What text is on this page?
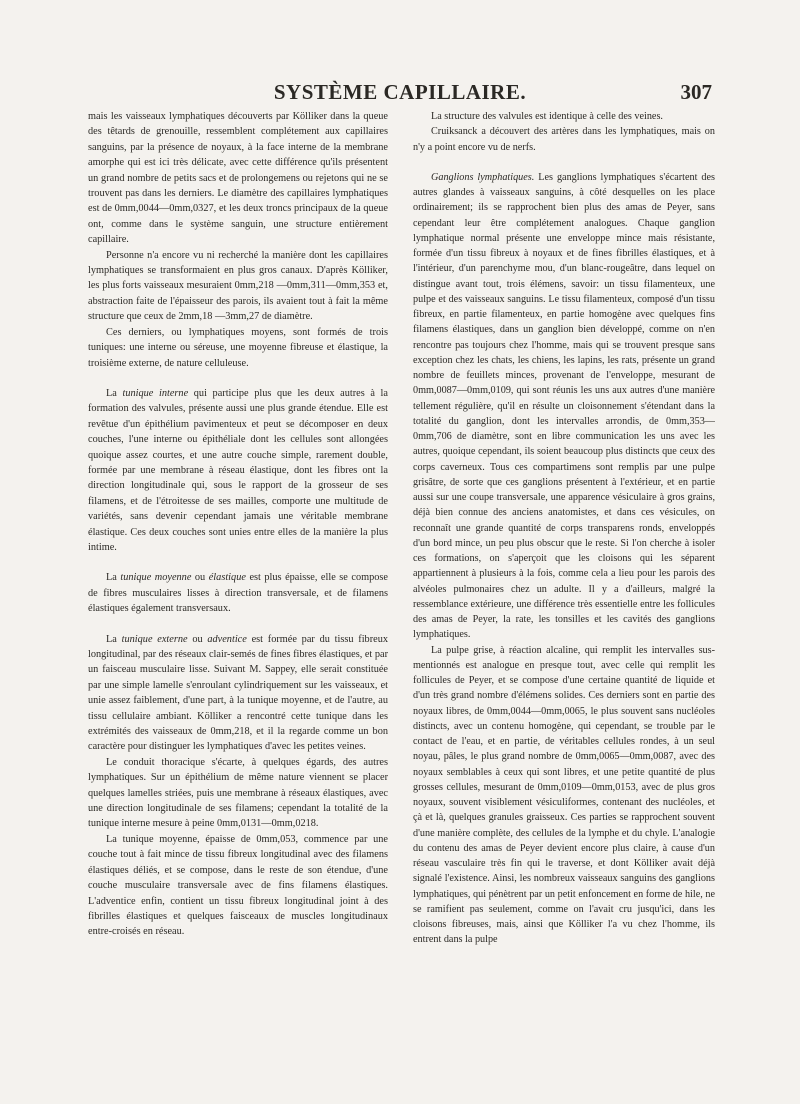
SYSTÈME CAPILLAIRE.	307

mais les vaisseaux lymphatiques découverts par Kölliker dans la queue des têtards de grenouille, ressemblent complétement aux capillaires sanguins, par la présence de noyaux, à la face interne de la membrane amorphe qui est ici très délicate, avec cette différence qu'ils présentent un grand nombre de petits sacs et de prolongemens ou rejetons qui ne se trouvent pas dans les derniers. Le diamètre des capillaires lymphatiques est de 0mm,0044—0mm,0327, et les deux troncs principaux de la queue ont, comme dans le système sanguin, une structure entièrement capillaire.

Personne n'a encore vu ni recherché la manière dont les capillaires lymphatiques se transformaient en plus gros canaux. D'après Kölliker, les plus forts vaisseaux mesuraient 0mm,218 —0mm,311—0mm,353 et, abstraction faite de l'épaisseur des parois, ils avaient tout à fait la même structure que ceux de 2mm,18 —3mm,27 de diamètre.

Ces derniers, ou lymphatiques moyens, sont formés de trois tuniques: une interne ou séreuse, une moyenne fibreuse et élastique, la troisième externe, de nature celluleuse.

La tunique interne qui participe plus que les deux autres à la formation des valvules, présente aussi une plus grande étendue. Elle est revêtue d'un épithélium pavimenteux et peut se décomposer en deux couches, l'une interne ou épithéliale dont les cellules sont allongées quoique assez courtes, et une autre couche simple, rarement double, formée par une membrane à réseau élastique, dont les fibres ont la direction longitudinale qui, sous le rapport de la grosseur de ses filamens, et de l'étroitesse de ses mailles, comporte une multitude de variétés, sans devenir cependant jamais une véritable membrane élastique. Ces deux couches sont unies entre elles de la manière la plus intime.

La tunique moyenne ou élastique est plus épaisse, elle se compose de fibres musculaires lisses à direction transversale, et de filamens élastiques également transversaux.

La tunique externe ou adventice est formée par du tissu fibreux longitudinal, par des réseaux clair-semés de fines fibres élastiques, et par un faisceau musculaire lisse. Suivant M. Sappey, elle serait constituée par une simple lamelle s'enroulant cylindriquement sur les vaisseaux, et unie assez faiblement, d'une part, à la tunique moyenne, et de l'autre, au tissu cellulaire ambiant. Kölliker a rencontré cette tunique dans les extrémités des vaisseaux de 0mm,218, et il la regarde comme un bon caractère pour distinguer les lymphatiques d'avec les petites veines.

Le conduit thoracique s'écarte, à quelques égards, des autres lymphatiques. Sur un épithélium de même nature viennent se placer quelques lamelles striées, puis une membrane à réseaux élastiques, avec une direction longitudinale de ses filamens; cependant la totalité de la tunique interne mesure à peine 0mm,0131—0mm,0218.

La tunique moyenne, épaisse de 0mm,053, commence par une couche tout à fait mince de tissu fibreux longitudinal avec des filamens élastiques déliés, et se compose, dans le reste de son étendue, d'une couche musculaire transversale avec de fins filamens élastiques. L'adventice enfin, contient un tissu fibreux longitudinal joint à des fibrilles élastiques et quelques faisceaux de muscles longitudinaux entre-croisés en réseau.

La structure des valvules est identique à celle des veines.

Cruiksanck a découvert des artères dans les lymphatiques, mais on n'y a point encore vu de nerfs.

Ganglions lymphatiques. Les ganglions lymphatiques s'écartent des autres glandes à vaisseaux sanguins, à côté desquelles on les place ordinairement; ils se rapprochent bien plus des amas de Peyer, sans cependant leur être complétement analogues. Chaque ganglion lymphatique normal présente une enveloppe mince mais résistante, formée d'un tissu fibreux à noyaux et de fines fibrilles élastiques, et à l'intérieur, d'un parenchyme mou, d'un blanc-rougeâtre, dans lequel on distingue avant tout, trois élémens, savoir: un tissu filamenteux, une pulpe et des vaisseaux sanguins. Le tissu filamenteux, composé d'un tissu fibreux, en partie filamenteux, en partie homogène avec quelques fins filamens élastiques, dans un ganglion bien développé, comme on n'en rencontre pas toujours chez l'homme, mais qui se trouvent presque sans exception chez les chats, les chiens, les lapins, les rats, présente un grand nombre de feuillets minces, provenant de l'enveloppe, mesurant de 0mm,0087—0mm,0109, qui sont réunis les uns aux autres d'une manière tellement régulière, qu'il en résulte un cloisonnement s'étendant dans la totalité du ganglion, dont les intervalles arrondis, de 0mm,353—0mm,706 de diamètre, sont en libre communication les uns avec les autres, quoique cependant, ils soient beaucoup plus distincts que ceux des corps caverneux. Tous ces compartimens sont remplis par une pulpe grisâtre, de sorte que ces ganglions présentent à l'extérieur, et en partie aussi sur une coupe transversale, une apparence vésiculaire à gros grains, déjà bien connue des anciens anatomistes, et dans ces vésicules, on reconnaît une grande quantité de corps transparens ronds, enveloppés d'un bord mince, un peu plus obscur que le reste. Si l'on cherche à isoler ces formations, on s'aperçoit que les cloisons qui les séparent appartiennent à plusieurs à la fois, comme cela a lieu pour les parois des alvéoles pulmonaires chez un adulte. Il y a d'ailleurs, malgré la ressemblance extérieure, une différence très essentielle entre les follicules des amas de Peyer, la rate, les tonsilles et les cavités des ganglions lymphatiques.

La pulpe grise, à réaction alcaline, qui remplit les intervalles sus-mentionnés est analogue en presque tout, avec celle qui remplit les follicules de Peyer, et se compose d'une certaine quantité de liquide et d'un très grand nombre d'élémens solides. Ces derniers sont en partie des noyaux libres, de 0mm,0044—0mm,0065, le plus souvent sans nucléoles distincts, avec un contenu homogène, qui cependant, se trouble par le contact de l'eau, et en partie, de véritables cellules rondes, à un seul noyau, pâles, le plus grand nombre de 0mm,0065—0mm,0087, avec des noyaux semblables à ceux qui sont libres, et une petite quantité de plus grosses cellules, mesurant de 0mm,0109—0mm,0153, avec de plus gros noyaux, souvent visiblement vésiculiformes, contenant des nucléoles, et çà et là, quelques granules graisseux. Ces parties se rapprochent souvent d'une manière complète, des cellules de la lymphe et du chyle. L'analogie du contenu des amas de Peyer devient encore plus claire, à cause d'un réseau vasculaire très fin qui le traverse, et dont Kölliker avait déjà signalé l'existence. Ainsi, les nombreux vaisseaux sanguins des ganglions lymphatiques, qui pénètrent par un petit enfoncement en forme de hile, ne se ramifient pas seulement, comme on l'avait cru jusqu'ici, dans les cloisons fibreuses, mais, ainsi que Kölliker l'a vu chez l'homme, ils entrent dans la pulpe
